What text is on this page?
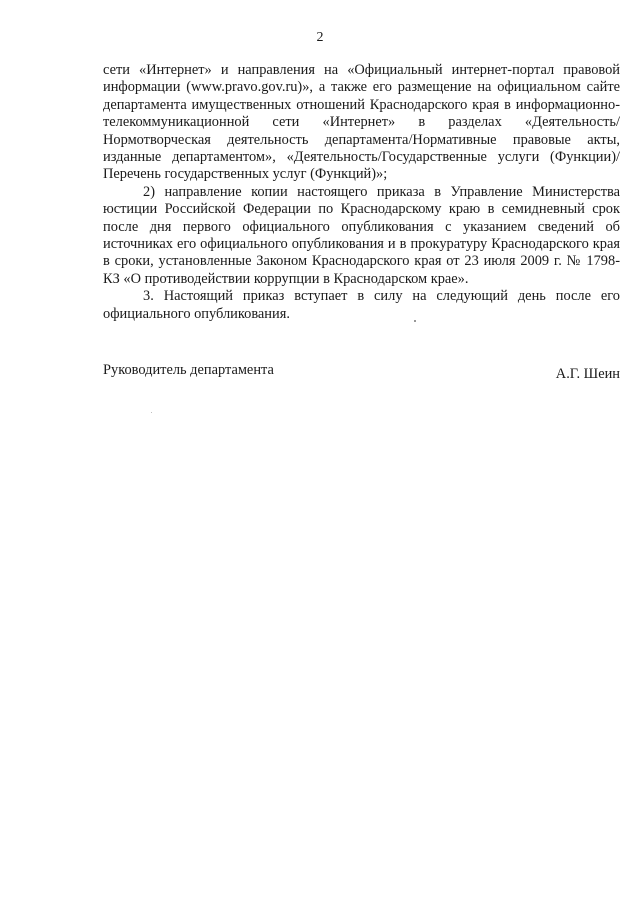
2

сети «Интернет» и направления на «Официальный интернет-портал правовой информации (www.pravo.gov.ru)», а также его размещение на официальном сайте департамента имущественных отношений Краснодарского края в информационно-телекоммуникационной сети «Интернет» в разделах «Деятельность/Нормотворческая деятельность департамента/Нормативные правовые акты, изданные департаментом», «Деятельность/Государственные услуги (Функции)/Перечень государственных услуг (Функций)»;

2) направление копии настоящего приказа в Управление Министерства юстиции Российской Федерации по Краснодарскому краю в семидневный срок после дня первого официального опубликования с указанием сведений об источниках его официального опубликования и в прокуратуру Краснодарского края в сроки, установленные Законом Краснодарского края от 23 июля 2009 г. № 1798-КЗ «О противодействии коррупции в Краснодарском крае».

3. Настоящий приказ вступает в силу на следующий день после его официального опубликования.

Руководитель департамента	А.Г. Шеин
